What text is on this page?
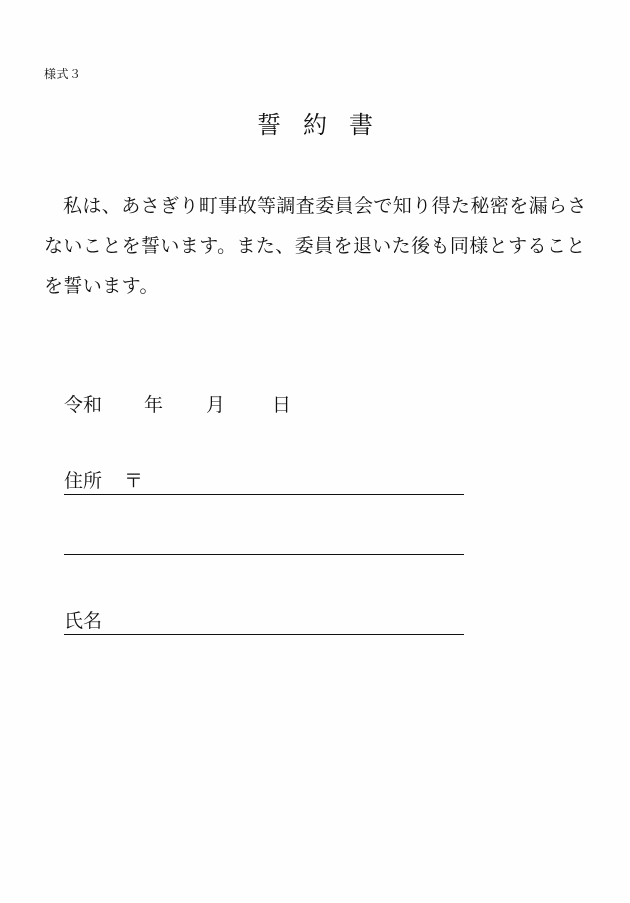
様式３
誓約書
私は、あさぎり町事故等調査委員会で知り得た秘密を漏らさないことを誓います。また、委員を退いた後も同様とすることを誓います。
令和	年	月	日
住所 〒
氏名
